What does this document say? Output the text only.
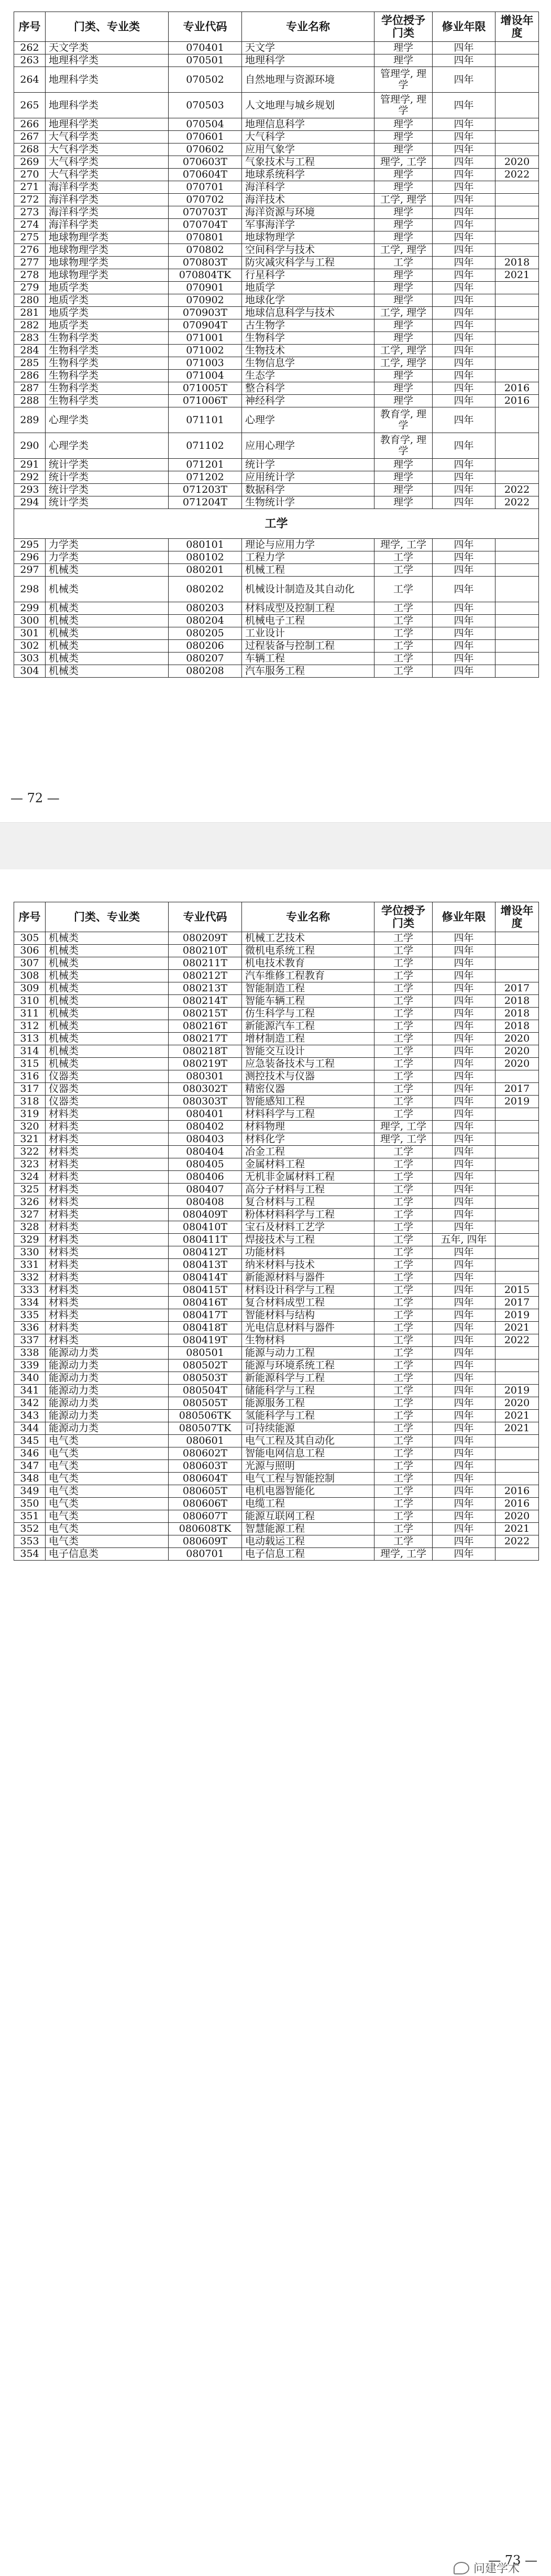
序号	门类、专业类	专业代码	专业名称	学位授予门类	修业年限	增设年度
262	天文学类	070401	天文学	理学	四年	
263	地理科学类	070501	地理科学	理学	四年	
264	地理科学类	070502	自然地理与资源环境	管理学, 理学	四年	
265	地理科学类	070503	人文地理与城乡规划	管理学, 理学	四年	
266	地理科学类	070504	地理信息科学	理学	四年	
267	大气科学类	070601	大气科学	理学	四年	
268	大气科学类	070602	应用气象学	理学	四年	
269	大气科学类	070603T	气象技术与工程	理学, 工学	四年	2020
270	大气科学类	070604T	地球系统科学	理学	四年	2022
271	海洋科学类	070701	海洋科学	理学	四年	
272	海洋科学类	070702	海洋技术	工学, 理学	四年	
273	海洋科学类	070703T	海洋资源与环境	理学	四年	
274	海洋科学类	070704T	军事海洋学	理学	四年	
275	地球物理学类	070801	地球物理学	理学	四年	
276	地球物理学类	070802	空间科学与技术	工学, 理学	四年	
277	地球物理学类	070803T	防灾减灾科学与工程	工学	四年	2018
278	地球物理学类	070804TK	行星科学	理学	四年	2021
279	地质学类	070901	地质学	理学	四年	
280	地质学类	070902	地球化学	理学	四年	
281	地质学类	070903T	地球信息科学与技术	工学, 理学	四年	
282	地质学类	070904T	古生物学	理学	四年	
283	生物科学类	071001	生物科学	理学	四年	
284	生物科学类	071002	生物技术	工学, 理学	四年	
285	生物科学类	071003	生物信息学	工学, 理学	四年	
286	生物科学类	071004	生态学	理学	四年	
287	生物科学类	071005T	整合科学	理学	四年	2016
288	生物科学类	071006T	神经科学	理学	四年	2016
289	心理学类	071101	心理学	教育学, 理学	四年	
290	心理学类	071102	应用心理学	教育学, 理学	四年	
291	统计学类	071201	统计学	理学	四年	
292	统计学类	071202	应用统计学	理学	四年	
293	统计学类	071203T	数据科学	理学	四年	2022
294	统计学类	071204T	生物统计学	理学	四年	2022
工学						
295	力学类	080101	理论与应用力学	理学, 工学	四年	
296	力学类	080102	工程力学	工学	四年	
297	机械类	080201	机械工程	工学	四年	
298	机械类	080202	机械设计制造及其自动化	工学	四年	
299	机械类	080203	材料成型及控制工程	工学	四年	
300	机械类	080204	机械电子工程	工学	四年	
301	机械类	080205	工业设计	工学	四年	
302	机械类	080206	过程装备与控制工程	工学	四年	
303	机械类	080207	车辆工程	工学	四年	
304	机械类	080208	汽车服务工程	工学	四年	
— 72 —
序号	门类、专业类	专业代码	专业名称	学位授予门类	修业年限	增设年度
305	机械类	080209T	机械工艺技术	工学	四年	
306	机械类	080210T	微机电系统工程	工学	四年	
307	机械类	080211T	机电技术教育	工学	四年	
308	机械类	080212T	汽车维修工程教育	工学	四年	
309	机械类	080213T	智能制造工程	工学	四年	2017
310	机械类	080214T	智能车辆工程	工学	四年	2018
311	机械类	080215T	仿生科学与工程	工学	四年	2018
312	机械类	080216T	新能源汽车工程	工学	四年	2018
313	机械类	080217T	增材制造工程	工学	四年	2020
314	机械类	080218T	智能交互设计	工学	四年	2020
315	机械类	080219T	应急装备技术与工程	工学	四年	2020
316	仪器类	080301	测控技术与仪器	工学	四年	
317	仪器类	080302T	精密仪器	工学	四年	2017
318	仪器类	080303T	智能感知工程	工学	四年	2019
319	材料类	080401	材料科学与工程	工学	四年	
320	材料类	080402	材料物理	理学, 工学	四年	
321	材料类	080403	材料化学	理学, 工学	四年	
322	材料类	080404	冶金工程	工学	四年	
323	材料类	080405	金属材料工程	工学	四年	
324	材料类	080406	无机非金属材料工程	工学	四年	
325	材料类	080407	高分子材料与工程	工学	四年	
326	材料类	080408	复合材料与工程	工学	四年	
327	材料类	080409T	粉体材料科学与工程	工学	四年	
328	材料类	080410T	宝石及材料工艺学	工学	四年	
329	材料类	080411T	焊接技术与工程	工学	五年, 四年	
330	材料类	080412T	功能材料	工学	四年	
331	材料类	080413T	纳米材料与技术	工学	四年	
332	材料类	080414T	新能源材料与器件	工学	四年	
333	材料类	080415T	材料设计科学与工程	工学	四年	2015
334	材料类	080416T	复合材料成型工程	工学	四年	2017
335	材料类	080417T	智能材料与结构	工学	四年	2019
336	材料类	080418T	光电信息材料与器件	工学	四年	2021
337	材料类	080419T	生物材料	工学	四年	2022
338	能源动力类	080501	能源与动力工程	工学	四年	
339	能源动力类	080502T	能源与环境系统工程	工学	四年	
340	能源动力类	080503T	新能源科学与工程	工学	四年	
341	能源动力类	080504T	储能科学与工程	工学	四年	2019
342	能源动力类	080505T	能源服务工程	工学	四年	2020
343	能源动力类	080506TK	氢能科学与工程	工学	四年	2021
344	能源动力类	080507TK	可持续能源	工学	四年	2021
345	电气类	080601	电气工程及其自动化	工学	四年	
346	电气类	080602T	智能电网信息工程	工学	四年	
347	电气类	080603T	光源与照明	工学	四年	
348	电气类	080604T	电气工程与智能控制	工学	四年	
349	电气类	080605T	电机电器智能化	工学	四年	2016
350	电气类	080606T	电缆工程	工学	四年	2016
351	电气类	080607T	能源互联网工程	工学	四年	2020
352	电气类	080608TK	智慧能源工程	工学	四年	2021
353	电气类	080609T	电动载运工程	工学	四年	2022
354	电子信息类	080701	电子信息工程	理学, 工学	四年	
— 73 —
问建学术
